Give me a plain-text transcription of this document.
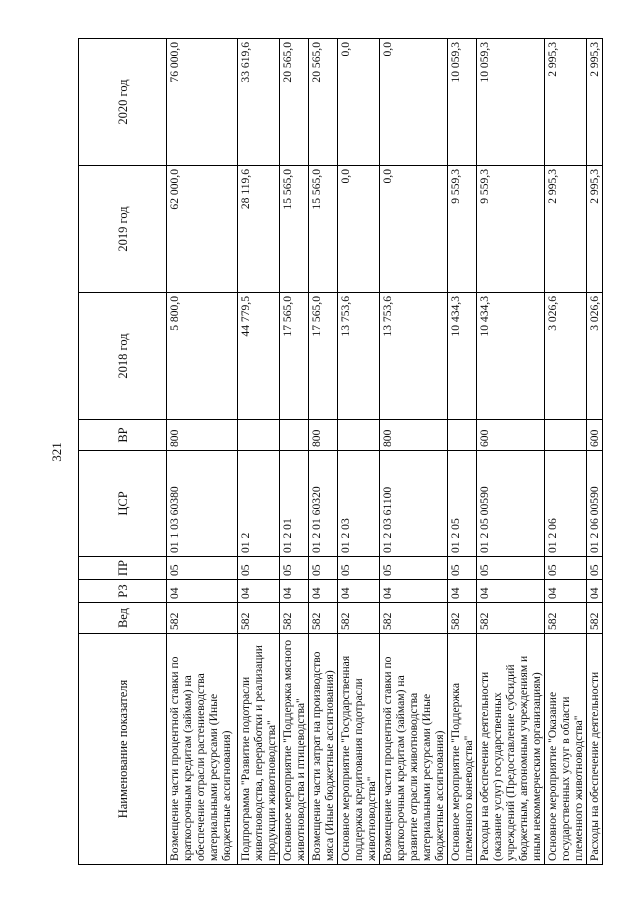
321
Наименование показателя	Вед	РЗ	ПР	ЦСР	ВР	2018 год	2019 год	2020 год
Возмещение части процентной ставки по краткосрочным кредитам (займам) на обеспечение отрасли растениеводства материальными ресурсами (Иные бюджетные ассигнования)	582	04	05	01 1 03 60380	800	5 800,0	62 000,0	76 000,0
Подпрограмма "Развитие подотрасли животноводства, переработки и реализации продукции животноводства"	582	04	05	01 2		44 779,5	28 119,6	33 619,6
Основное мероприятие "Поддержка мясного животноводства и птицеводства"	582	04	05	01 2 01		17 565,0	15 565,0	20 565,0
Возмещение части затрат на производство мяса (Иные бюджетные ассигнования)	582	04	05	01 2 01 60320	800	17 565,0	15 565,0	20 565,0
Основное мероприятие "Государственная поддержка кредитования подотрасли животноводства"	582	04	05	01 2 03		13 753,6	0,0	0,0
Возмещение части процентной ставки по краткосрочным кредитам (займам) на развитие отрасли животноводства материальными ресурсами (Иные бюджетные ассигнования)	582	04	05	01 2 03 61100	800	13 753,6	0,0	0,0
Основное мероприятие "Поддержка племенного коневодства"	582	04	05	01 2 05		10 434,3	9 559,3	10 059,3
Расходы на обеспечение деятельности (оказание услуг) государственных учреждений (Предоставление субсидий бюджетным, автономным учреждениям и иным некоммерческим организациям)	582	04	05	01 2 05 00590	600	10 434,3	9 559,3	10 059,3
Основное мероприятие "Оказание государственных услуг в области племенного животноводства"	582	04	05	01 2 06		3 026,6	2 995,3	2 995,3
Расходы на обеспечение деятельности	582	04	05	01 2 06 00590	600	3 026,6	2 995,3	2 995,3
